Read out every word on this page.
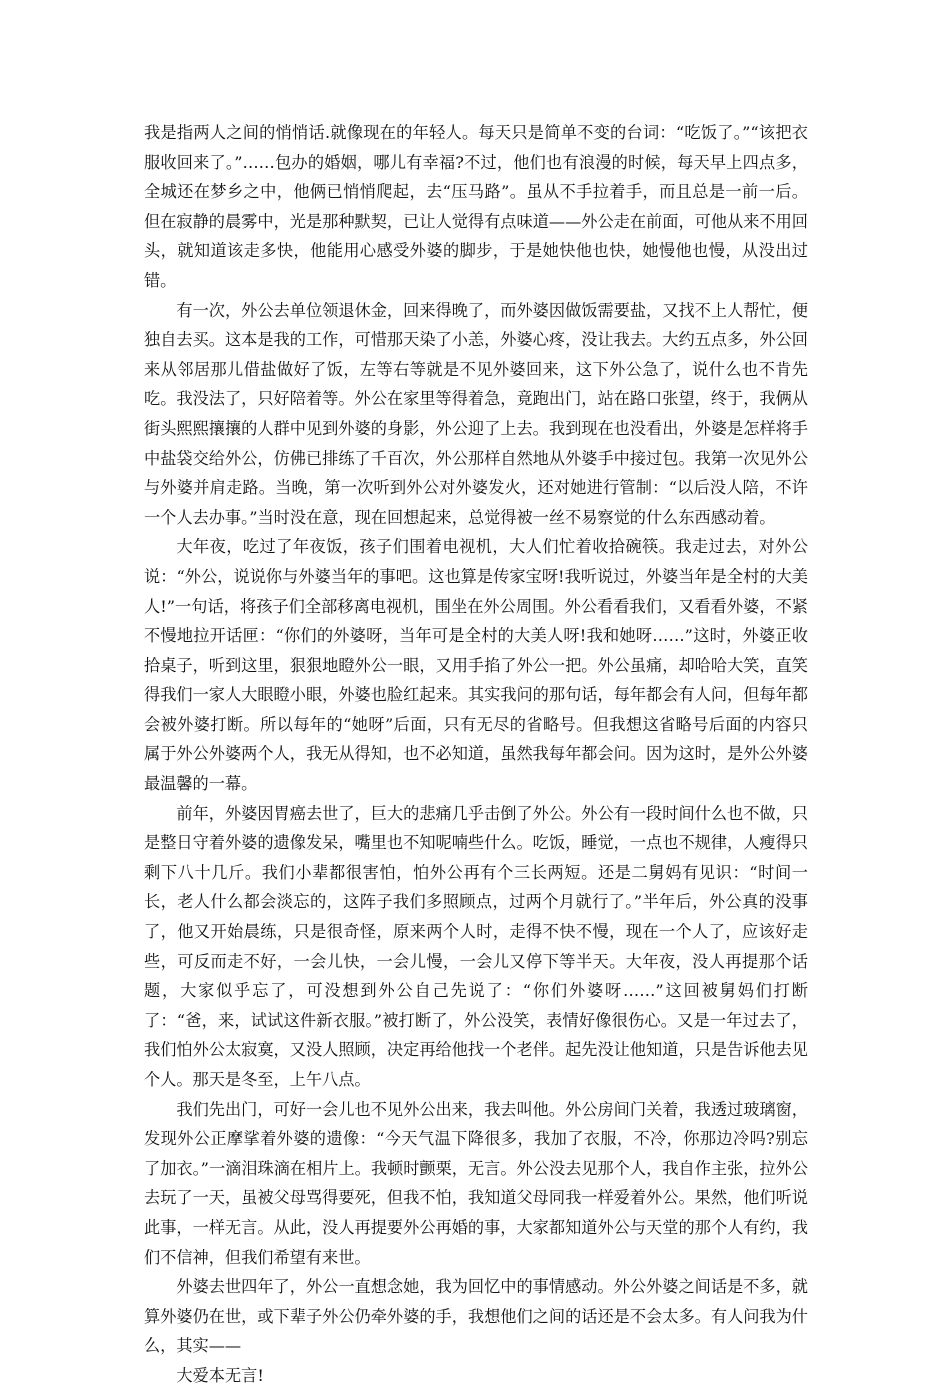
我是指两人之间的悄悄话.就像现在的年轻人。每天只是简单不变的台词：“吃饭了。”“该把衣服收回来了。”……包办的婚姻，哪儿有幸福?不过，他们也有浪漫的时候，每天早上四点多，全城还在梦乡之中，他俩已悄悄爬起，去“压马路”。虽从不手拉着手，而且总是一前一后。但在寂静的晨雾中，光是那种默契，已让人觉得有点味道——外公走在前面，可他从来不用回头，就知道该走多快，他能用心感受外婆的脚步，于是她快他也快，她慢他也慢，从没出过错。

有一次，外公去单位领退休金，回来得晚了，而外婆因做饭需要盐，又找不上人帮忙，便独自去买。这本是我的工作，可惜那天染了小恙，外婆心疼，没让我去。大约五点多，外公回来从邻居那儿借盐做好了饭，左等右等就是不见外婆回来，这下外公急了，说什么也不肯先吃。我没法了，只好陪着等。外公在家里等得着急，竟跑出门，站在路口张望，终于，我俩从街头熙熙攘攘的人群中见到外婆的身影，外公迎了上去。我到现在也没看出，外婆是怎样将手中盐袋交给外公，仿佛已排练了千百次，外公那样自然地从外婆手中接过包。我第一次见外公与外婆并肩走路。当晚，第一次听到外公对外婆发火，还对她进行管制：“以后没人陪，不许一个人去办事。”当时没在意，现在回想起来，总觉得被一丝不易察觉的什么东西感动着。

大年夜，吃过了年夜饭，孩子们围着电视机，大人们忙着收拾碗筷。我走过去，对外公说：“外公，说说你与外婆当年的事吧。这也算是传家宝呀!我听说过，外婆当年是全村的大美人!”一句话，将孩子们全部移离电视机，围坐在外公周围。外公看看我们，又看看外婆，不紧不慢地拉开话匣：“你们的外婆呀，当年可是全村的大美人呀!我和她呀……”这时，外婆正收拾桌子，听到这里，狠狠地瞪外公一眼，又用手掐了外公一把。外公虽痛，却哈哈大笑，直笑得我们一家人大眼瞪小眼，外婆也脸红起来。其实我问的那句话，每年都会有人问，但每年都会被外婆打断。所以每年的“她呀”后面，只有无尽的省略号。但我想这省略号后面的内容只属于外公外婆两个人，我无从得知，也不必知道，虽然我每年都会问。因为这时，是外公外婆最温馨的一幕。

前年，外婆因胃癌去世了，巨大的悲痛几乎击倒了外公。外公有一段时间什么也不做，只是整日守着外婆的遗像发呆，嘴里也不知呢喃些什么。吃饭，睡觉，一点也不规律，人瘦得只剩下八十几斤。我们小辈都很害怕，怕外公再有个三长两短。还是二舅妈有见识：“时间一长，老人什么都会淡忘的，这阵子我们多照顾点，过两个月就行了。”半年后，外公真的没事了，他又开始晨练，只是很奇怪，原来两个人时，走得不快不慢，现在一个人了，应该好走些，可反而走不好，一会儿快，一会儿慢，一会儿又停下等半天。大年夜，没人再提那个话题，大家似乎忘了，可没想到外公自己先说了：“你们外婆呀……”这回被舅妈们打断了：“爸，来，试试这件新衣服。”被打断了，外公没笑，表情好像很伤心。又是一年过去了，我们怕外公太寂寞，又没人照顾，决定再给他找一个老伴。起先没让他知道，只是告诉他去见个人。那天是冬至，上午八点。

我们先出门，可好一会儿也不见外公出来，我去叫他。外公房间门关着，我透过玻璃窗，发现外公正摩挲着外婆的遗像：“今天气温下降很多，我加了衣服，不冷，你那边冷吗?别忘了加衣。”一滴泪珠滴在相片上。我顿时颤栗，无言。外公没去见那个人，我自作主张，拉外公去玩了一天，虽被父母骂得要死，但我不怕，我知道父母同我一样爱着外公。果然，他们听说此事，一样无言。从此，没人再提要外公再婚的事，大家都知道外公与天堂的那个人有约，我们不信神，但我们希望有来世。

外婆去世四年了，外公一直想念她，我为回忆中的事情感动。外公外婆之间话是不多，就算外婆仍在世，或下辈子外公仍牵外婆的手，我想他们之间的话还是不会太多。有人问我为什么，其实——

大爱本无言!
